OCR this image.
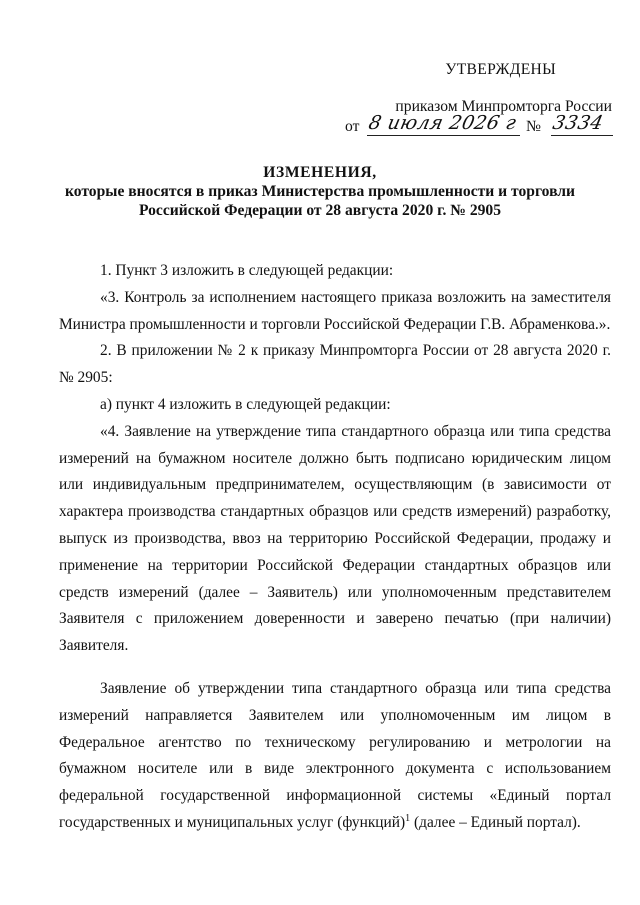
УТВЕРЖДЕНЫ
приказом Минпромторга России
от 8 июля 2026 г № 3334
ИЗМЕНЕНИЯ,
которые вносятся в приказ Министерства промышленности и торговли
Российской Федерации от 28 августа 2020 г. № 2905

1. Пункт 3 изложить в следующей редакции:

«3. Контроль за исполнением настоящего приказа возложить на заместителя Министра промышленности и торговли Российской Федерации Г.В. Абраменкова.».

2. В приложении № 2 к приказу Минпромторга России от 28 августа 2020 г. № 2905:

а) пункт 4 изложить в следующей редакции:

«4. Заявление на утверждение типа стандартного образца или типа средства измерений на бумажном носителе должно быть подписано юридическим лицом или индивидуальным предпринимателем, осуществляющим (в зависимости от характера производства стандартных образцов или средств измерений) разработку, выпуск из производства, ввоз на территорию Российской Федерации, продажу и применение на территории Российской Федерации стандартных образцов или средств измерений (далее – Заявитель) или уполномоченным представителем Заявителя с приложением доверенности и заверено печатью (при наличии) Заявителя.

Заявление об утверждении типа стандартного образца или типа средства измерений направляется Заявителем или уполномоченным им лицом в Федеральное агентство по техническому регулированию и метрологии на бумажном носителе или в виде электронного документа с использованием федеральной государственной информационной системы «Единый портал государственных и муниципальных услуг (функций)$^1$ (далее – Единый портал).
